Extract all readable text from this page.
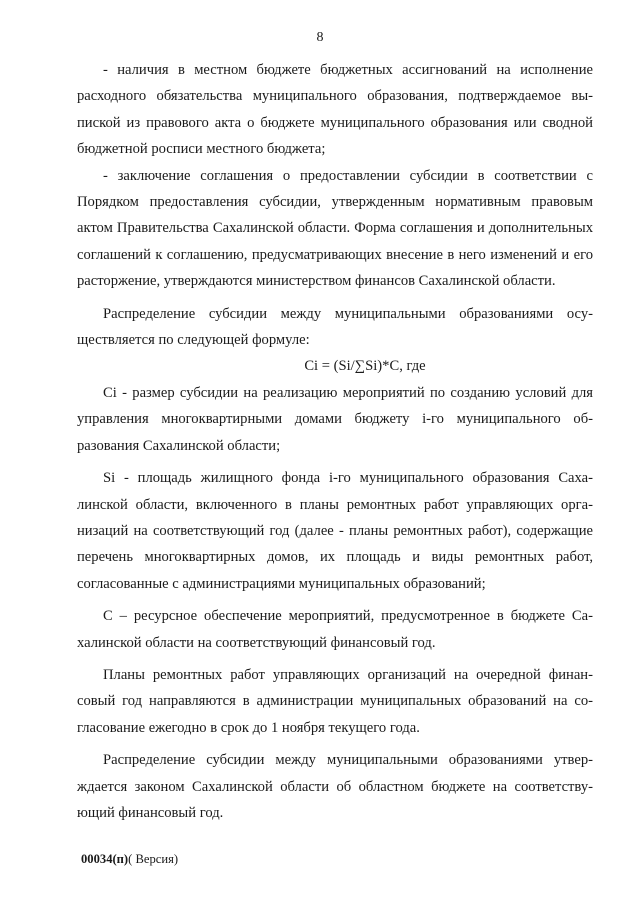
8

- наличия в местном бюджете бюджетных ассигнований на исполнение расходного обязательства муниципального образования, подтверждаемое выпиской из правового акта о бюджете муниципального образования или сводной бюджетной росписи местного бюджета;

- заключение соглашения о предоставлении субсидии в соответствии с Порядком предоставления субсидии, утвержденным нормативным правовым актом Правительства Сахалинской области. Форма соглашения и дополнительных соглашений к соглашению, предусматривающих внесение в него изменений и его расторжение, утверждаются министерством финансов Сахалинской области.

Распределение субсидии между муниципальными образованиями осуществляется по следующей формуле:

Ci = (Si/∑Si)*C, где

Ci - размер субсидии на реализацию мероприятий по созданию условий для управления многоквартирными домами бюджету i-го муниципального образования Сахалинской области;

Si - площадь жилищного фонда i-го муниципального образования Сахалинской области, включенного в планы ремонтных работ управляющих организаций на соответствующий год (далее - планы ремонтных работ), содержащие перечень многоквартирных домов, их площадь и виды ремонтных работ, согласованные с администрациями муниципальных образований;

С – ресурсное обеспечение мероприятий, предусмотренное в бюджете Сахалинской области на соответствующий финансовый год.

Планы ремонтных работ управляющих организаций на очередной финансовый год направляются в администрации муниципальных образований на согласование ежегодно в срок до 1 ноября текущего года.

Распределение субсидии между муниципальными образованиями утверждается законом Сахалинской области об областном бюджете на соответствующий финансовый год.

00034(п)( Версия)
